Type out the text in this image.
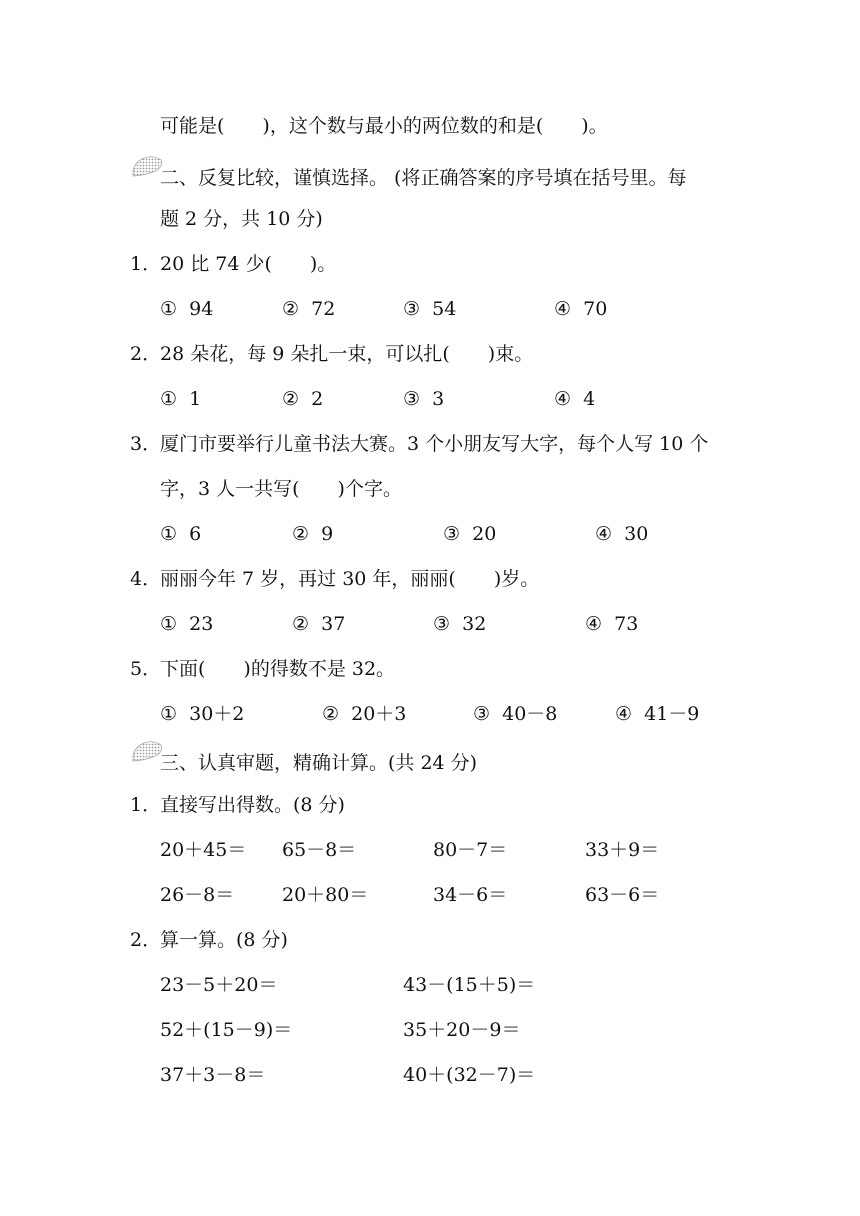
可能是(　　)，这个数与最小的两位数的和是(　　)。
二、反复比较，谨慎选择。 (将正确答案的序号填在括号里。每
题 2 分，共 10 分)
1．
20 比 74 少(　　)。
①  94	②  72	③  54	④  70
2．
28 朵花，每 9 朵扎一束，可以扎(　　)束。
①  1	②  2	③  3	④  4
3．
厦门市要举行儿童书法大赛。3 个小朋友写大字，每个人写 10 个
字，3 人一共写(　　)个字。
①  6	②  9	③  20	④  30
4．
丽丽今年 7 岁，再过 30 年，丽丽(　　)岁。
①  23	②  37	③  32	④  73
5．
下面(　　)的得数不是 32。
①  30＋2	②  20＋3	③  40－8	④  41－9
三、认真审题，精确计算。(共 24 分)
1．
直接写出得数。(8 分)
20＋45＝ 65－8＝	80－7＝	33＋9＝
26－8＝	20＋80＝	34－6＝	63－6＝
2．
算一算。(8 分)
23－5＋20＝	43－(15＋5)＝
52＋(15－9)＝	35＋20－9＝
37＋3－8＝	40＋(32－7)＝
